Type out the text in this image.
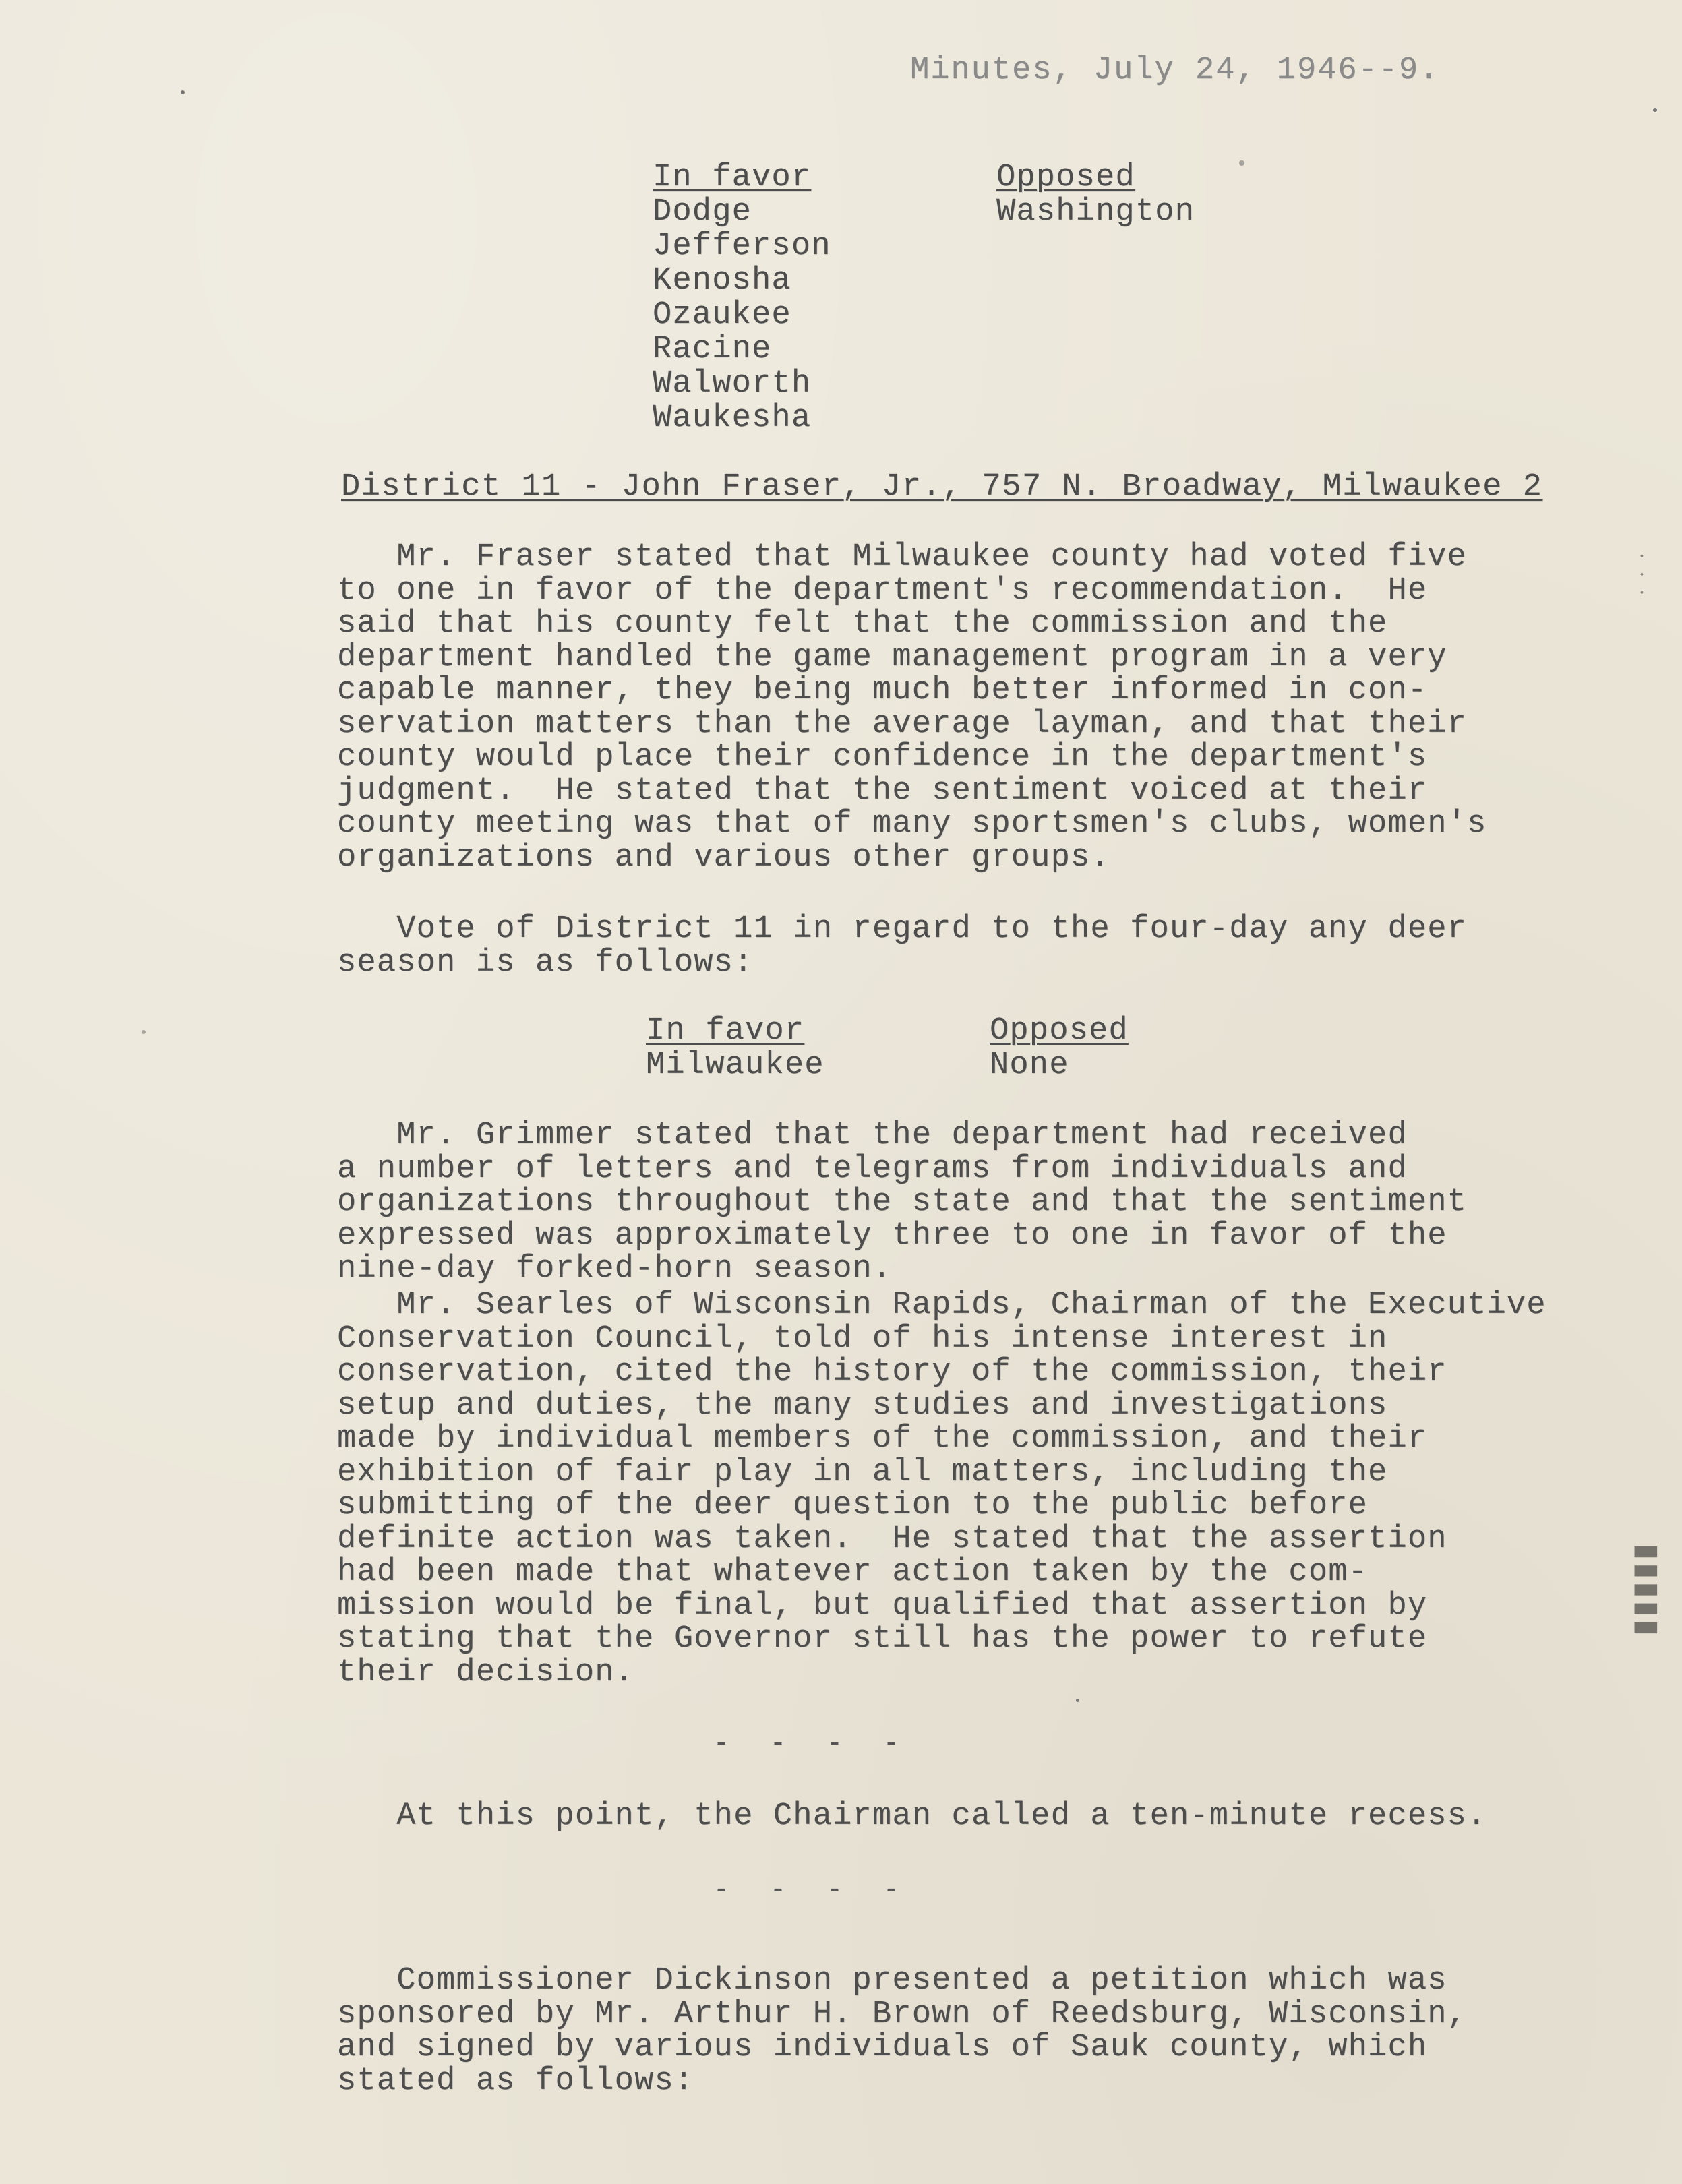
Minutes, July 24, 1946--9.
In favor
Dodge
Jefferson
Kenosha
Ozaukee
Racine
Walworth
Waukesha
Opposed
Washington
District 11 - John Fraser, Jr., 757 N. Broadway, Milwaukee 2
Mr. Fraser stated that Milwaukee county had voted five
to one in favor of the department's recommendation.  He
said that his county felt that the commission and the
department handled the game management program in a very
capable manner, they being much better informed in con-
servation matters than the average layman, and that their
county would place their confidence in the department's
judgment.  He stated that the sentiment voiced at their
county meeting was that of many sportsmen's clubs, women's
organizations and various other groups.
Vote of District 11 in regard to the four-day any deer
season is as follows:
In favor
Milwaukee
Opposed
None
Mr. Grimmer stated that the department had received
a number of letters and telegrams from individuals and
organizations throughout the state and that the sentiment
expressed was approximately three to one in favor of the
nine-day forked-horn season.
Mr. Searles of Wisconsin Rapids, Chairman of the Executive
Conservation Council, told of his intense interest in
conservation, cited the history of the commission, their
setup and duties, the many studies and investigations
made by individual members of the commission, and their
exhibition of fair play in all matters, including the
submitting of the deer question to the public before
definite action was taken.  He stated that the assertion
had been made that whatever action taken by the com-
mission would be final, but qualified that assertion by
stating that the Governor still has the power to refute
their decision.
- - - -
At this point, the Chairman called a ten-minute recess.
- - - -
Commissioner Dickinson presented a petition which was
sponsored by Mr. Arthur H. Brown of Reedsburg, Wisconsin,
and signed by various individuals of Sauk county, which
stated as follows:
· · ·
▮▮▮▮▮
